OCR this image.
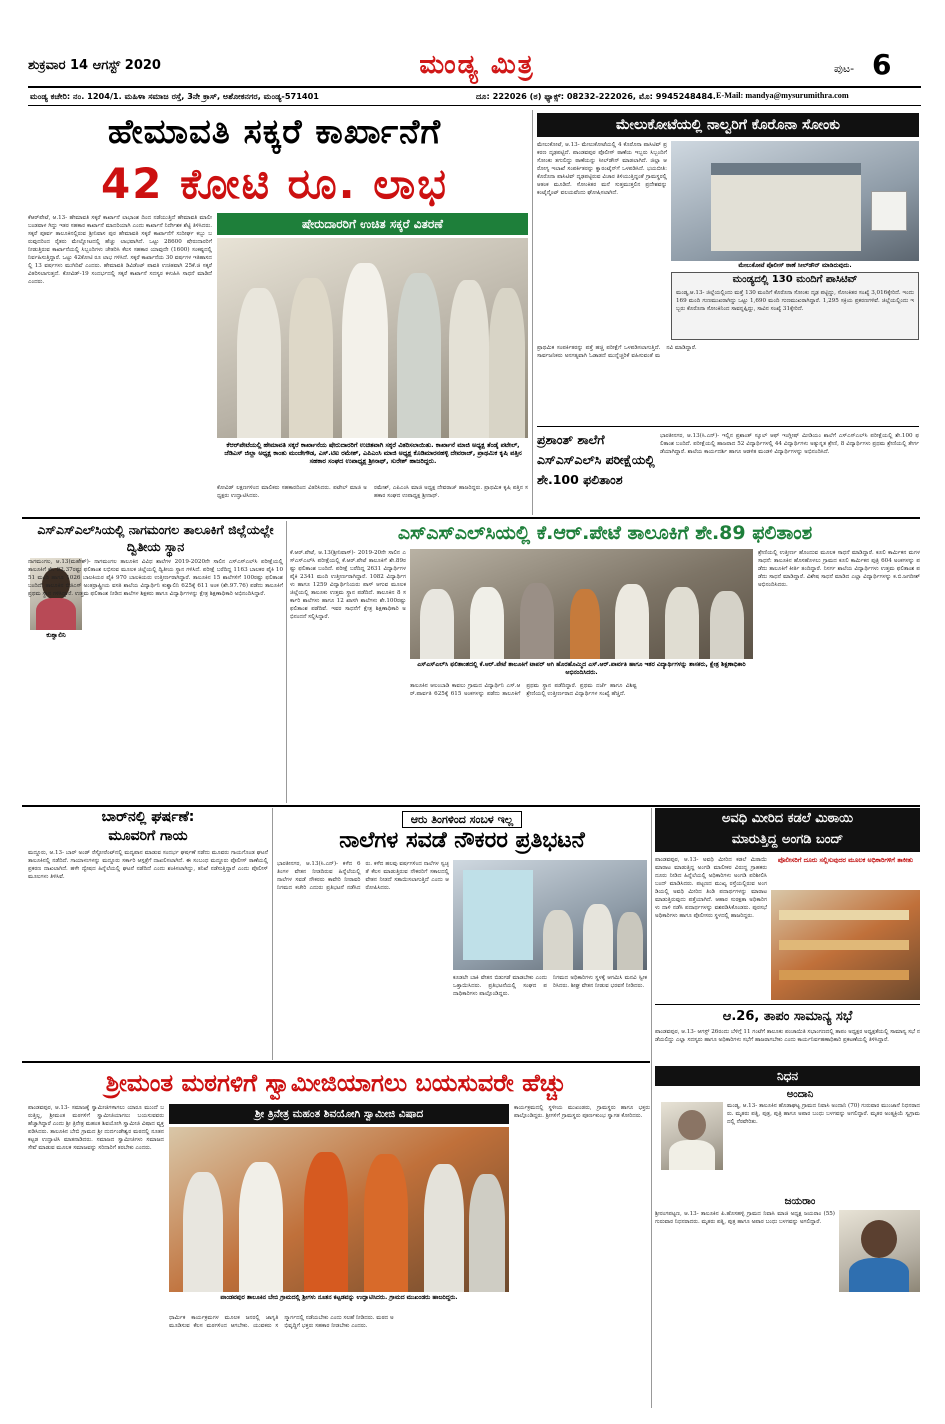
ಶುಕ್ರವಾರ 14 ಆಗಸ್ಟ್ 2020	ಮಂಡ್ಯ ಮಿತ್ರ	ಪುಟ- 6
ಮಂಡ್ಯ ಕಚೇರಿ: ನಂ. 1204/1. ಮಹಿಳಾ ಸಮಾಜ ರಸ್ತೆ, 3ನೇ ಕ್ರಾಸ್, ಅಶೋಕನಗರ, ಮಂಡ್ಯ-571401	ದೂ: 222026 (ಠ) ಫ್ಯಾಕ್ಸ್: 08232-222026, ಮೊ: 9945248484. E-Mail: mandya@mysurumithra.com
ಹೇಮಾವತಿ ಸಕ್ಕರೆ ಕಾರ್ಖಾನೆಗೆ
42 ಕೋಟಿ ರೂ. ಲಾಭ
ಕೆಆರ್‌ಪೇಟೆ, ಆ.13- ಹೇಮಾವತಿ ಸಕ್ಕರೆ ಕಾರ್ಖಾನೆ ಲಾಭಾಂಶ ದಿಂದ ನಡೆಯುತ್ತಿದೆ ಹೇಮಾವತಿ ಮಾಲೀ ಬಂಡವಾಳ ಗಿದ್ದು ಇತರ ಸಹಕಾರ ಕಾರ್ಖಾನೆ ಮಾದರಿಯಾಗಿ ಎಂದು ಕಾರ್ಖಾನೆ ನಿರ್ದೇಶಕ ಶೆಟ್ಟಿ ತಿಳಿಸಿದರು. ಸಕ್ಕರೆ ಪೂರ್ವ ತಾಲೂಕಿನಲ್ಲಿರುವ ಶ್ರೀನಿವಾಸ ಪುರ ಹೇಮಾವತಿ ಸಕ್ಕರೆ ಕಾರ್ಖಾನೆಗೆ ಸುದೀರ್ಘ ಕಬ್ಬು ಬರುವುದರಿಂದ ರೈತರು ಮೇಲ್ನೋಟದಲ್ಲಿ ಹೆಚ್ಚು ಲಾಭವಾಗಿದೆ. ಒಟ್ಟು 28600 ಷೇರುದಾರರಿಗೆ ನೀಡುತ್ತಿರುವ ಕಾರ್ಖಾನೆಯಲ್ಲಿ ಸಿಬ್ಬಂದಿಗಳು ಚೇತರಿಸಿ ಕೆಲಸ ಸಹಕಾರ ಯಾವುದೇ (1600) ಸಂಕಷ್ಟದಲ್ಲಿ ನಿರ್ವಹಿಸುತ್ತಿದ್ದಾರೆ. ಒಟ್ಟು 42ಕೋಟಿ ರೂ ಲಾಭ ಗಳಿಸಿದೆ. ಸಕ್ಕರೆ ಕಾರ್ಖಾನೆಯ 30 ವರ್ಷಗಳ ಇತಿಹಾಸದಲ್ಲಿ 13 ವರ್ಷಗಳು ಮುಗಿದಿವೆ ಎಂದರು. ಹೇಮಾವತಿ ಡಿವಿಡೆಂಟ್ ಪಾವತಿ ಉಚಿತವಾಗಿ 25ಕೆ.ಜಿ ಸಕ್ಕರೆ ವಿತರಿಸಲಾಗುತ್ತದೆ. ಕೋವಿಡ್-19 ಸಂದರ್ಭದಲ್ಲಿ ಸಕ್ಕರೆ ಕಾರ್ಖಾನೆ ಸದಸ್ಯರ ಕಳುಹಿಸಿ ಸಾಧನೆ ಮಾಡಿದೆ ಎಂದರು.
ಷೇರುದಾರರಿಗೆ ಉಚಿತ ಸಕ್ಕರೆ ವಿತರಣೆ
ಕೆಆರ್‌ಪೇಟೆಯಲ್ಲಿ ಹೇಮಾವತಿ ಸಕ್ಕರೆ ಕಾರ್ಖಾನೆಯ ಷೇರುದಾರರಿಗೆ ಉಚಿತವಾಗಿ ಸಕ್ಕರೆ ವಿತರಿಸಲಾಯಿತು. ಕಾರ್ಖಾನೆ ಮಾಜಿ ಅಧ್ಯಕ್ಷ ತೆಂಡ್ಕೆ ಪಟೇಲ್, ಜೆಡಿಎಸ್ ಜಿಲ್ಲಾ ಅಧ್ಯಕ್ಷ ಕಾಂತು ಮಂಜೇಗೌಡ, ಎಸ್.ಟಿಐ ರಮೇಶ್, ಎಪಿಎಂಸಿ ಮಾಜಿ ಅಧ್ಯಕ್ಷ ಕೊಡಿಮಾರನಹಳ್ಳಿ ದೇವರಾಜ್, ಪ್ರಾಥಮಿಕ ಕೃಷಿ ಪತ್ತಿನ ಸಹಕಾರ ಸಂಘದ ಉಪಾಧ್ಯಕ್ಷ ಶ್ರೀನಾಥ್, ಸುರೇಶ್ ಹಾಜರಿದ್ದರು.
ಕೋವಿಡ್ ಲಕ್ಷಣಗಳಿಂದ ಮಾಲಿಕರು ಸಹಕಾರದಿಂದ ವಿತರಿಸಿದರು. ಪಟೇಲ್ ಮಾಜಿ ಅಧ್ಯಕ್ಷರು ಉದ್ಘಾಟಿಸಿದರು.
ರಮೇಶ್, ಎಪಿಎಂಸಿ ಮಾಜಿ ಅಧ್ಯಕ್ಷ ದೇವರಾಜ್ ಹಾಜರಿದ್ದರು. ಪ್ರಾಥಮಿಕ ಕೃಷಿ ಪತ್ತಿನ ಸಹಕಾರ ಸಂಘದ ಉಪಾಧ್ಯಕ್ಷ ಶ್ರೀನಾಥ್.
ಮೇಲುಕೋಟೆಯಲ್ಲಿ ನಾಲ್ವರಿಗೆ ಕೊರೊನಾ ಸೋಂಕು
ಮೇಲುಕೋಟೆ, ಆ.13- ಮೇಲುಕೋಟೆಯಲ್ಲಿ 4 ಕೊರೊನಾ ಪಾಸಿಟಿವ್ ಪ್ರಕರಣ ದೃಢಪಟ್ಟಿದೆ. ಪಾಂಡವಪುರ ಪೊಲೀಸ್ ಠಾಣೆಯ ಇಬ್ಬರು ಸಿಬ್ಬಂದಿಗೆ ಸೋಂಕು ತಗುಲಿದ್ದು ಠಾಣೆಯನ್ನು ಸೀಲ್‌ಡೌನ್ ಮಾಡಲಾಗಿದೆ. ಜಿಲ್ಲಾ ಆರೋಗ್ಯ ಇಲಾಖೆ ಸಂಪರ್ಕಿತರನ್ನು ಕ್ವಾರಂಟೈನ್‌ಗೆ ಒಳಪಡಿಸಿದೆ. ಭಯಬೀತಿ: ಕೊರೊನಾ ಪಾಸಿಟಿವ್ ದೃಢಪಟ್ಟಿರುವ ವಿಚಾರ ತಿಳಿಯುತ್ತಿದ್ದಂತೆ ಗ್ರಾಮಸ್ಥರಲ್ಲಿ ಆತಂಕ ಮೂಡಿದೆ. ಸೋಂಕಿತರ ಮನೆ ಸುತ್ತಮುತ್ತಲಿನ ಪ್ರದೇಶವನ್ನು ಕಂಟೈನ್ಮೆಂಟ್ ವಲಯವೆಂದು ಘೋಷಿಸಲಾಗಿದೆ.
ಮೇಲುಕೋಟೆ ಪೊಲೀಸ್ ಠಾಣೆ ಸೀಲ್‌ಡೌನ್ ಮಾಡಿರುವುದು.
ಮಂಡ್ಯದಲ್ಲಿ 130 ಮಂದಿಗೆ ಪಾಸಿಟಿವ್
ಮಂಡ್ಯ,ಆ.13- ಜಿಲ್ಲೆಯಲ್ಲಿಂದು ಮತ್ತೆ 130 ಮಂದಿಗೆ ಕೊರೊನಾ ಸೋಂಕು ದೃಢ ಪಟ್ಟಿದ್ದು, ಸೋಂಕಿತರ ಸಂಖ್ಯೆ 3,016ಕ್ಕೇರಿದೆ. ಇಂದು 169 ಮಂದಿ ಗುಣಮುಖರಾಗಿದ್ದು ಒಟ್ಟು 1,690 ಮಂದಿ ಗುಣಮುಖರಾಗಿದ್ದಾರೆ. 1,295 ಸಕ್ರಿಯ ಪ್ರಕರಣಗಳಿವೆ. ಜಿಲ್ಲೆಯಲ್ಲಿಂದು ಇಬ್ಬರು ಕೊರೊನಾ ಸೋಂಕಿನಿಂದ ಸಾವನ್ನಪ್ಪಿದ್ದು, ಸಾವಿನ ಸಂಖ್ಯೆ 31ಕ್ಕೇರಿದೆ.
ಪ್ರಾಥಮಿಕ ಸಂಪರ್ಕಿತರನ್ನು ಪತ್ತೆ ಹಚ್ಚಿ ಪರೀಕ್ಷೆಗೆ ಒಳಪಡಿಸಲಾಗುತ್ತಿದೆ. ಸಾರ್ವಜನಿಕರು ಅನಗತ್ಯವಾಗಿ ಓಡಾಡದೆ ಮುನ್ನೆಚ್ಚರಿಕೆ ವಹಿಸುವಂತೆ ಮನವಿ ಮಾಡಿದ್ದಾರೆ.
ಪ್ರಶಾಂತ್ ಶಾಲೆಗೆ ಎಸ್‌ಎಸ್‌ಎಲ್‌ಸಿ ಪರೀಕ್ಷೆಯಲ್ಲಿ ಶೇ.100 ಫಲಿತಾಂಶ
ಭಾರತೀನಗರ, ಆ.13(ಸಿ.ಎನ್)- ಇಲ್ಲಿನ ಪ್ರಶಾಂತ್ ಸ್ಕೂಲ್ ಆಫ್ ಇಂಗ್ಲೀಷ್ ಮೀಡಿಯಂ ಶಾಲೆಗೆ ಎಸ್‌ಎಸ್‌ಎಲ್‌ಸಿ ಪರೀಕ್ಷೆಯಲ್ಲಿ ಶೇ.100 ಫಲಿತಾಂಶ ಬಂದಿದೆ. ಪರೀಕ್ಷೆಯಲ್ಲಿ ಹಾಜರಾದ 52 ವಿದ್ಯಾರ್ಥಿಗಳಲ್ಲಿ 44 ವಿದ್ಯಾರ್ಥಿಗಳು ಅತ್ಯುನ್ನತ ಶ್ರೇಣಿ, 8 ವಿದ್ಯಾರ್ಥಿಗಳು ಪ್ರಥಮ ಶ್ರೇಣಿಯಲ್ಲಿ ತೇರ್ಗಡೆಯಾಗಿದ್ದಾರೆ. ಶಾಲೆಯ ಕಾರ್ಯದರ್ಶಿ ಹಾಗೂ ಆಡಳಿತ ಮಂಡಳಿ ವಿದ್ಯಾರ್ಥಿಗಳನ್ನು ಅಭಿನಂದಿಸಿದೆ.
ಎಸ್‌ಎಸ್‌ಎಲ್‌ಸಿಯಲ್ಲಿ ನಾಗಮಂಗಲ ತಾಲೂಕಿಗೆ ಜಿಲ್ಲೆಯಲ್ಲೇ ದ್ವಿತೀಯ ಸ್ಥಾನ
ಕುಶ್ವಾಲಿನಿ
ನಾಗಮಂಗಲ, ಆ.13(ಮಹೇಶ್)- ನಾಗಮಂಗಲ ತಾಲೂಕಿನ ವಿವಿಧ ಶಾಲೆಗಳ 2019-2020ನೇ ಸಾಲಿನ ಎಸ್‌ಎಸ್‌ಎಲ್‌ಸಿ ಪರೀಕ್ಷೆಯಲ್ಲಿ ತಾಲೂಕಿಗೆ ಶೇ. 92.37ರಷ್ಟು ಫಲಿತಾಂಶ ಲಭಿಸುವ ಮೂಲಕ ಜಿಲ್ಲೆಯಲ್ಲಿ ದ್ವಿತೀಯ ಸ್ಥಾನ ಗಳಿಸಿದೆ. ಪರೀಕ್ಷೆ ಬರೆದಿದ್ದ 1163 ಬಾಲಕರ ಪೈಕಿ 1051 ಮಂದಿ ಹಾಗೂ 1026 ಬಾಲಕಿಯರ ಪೈಕಿ 970 ಬಾಲಕಿಯರು ಉತ್ತೀರ್ಣರಾಗಿದ್ದಾರೆ. ತಾಲೂಕಿನ 15 ಶಾಲೆಗಳಿಗೆ 100ರಷ್ಟು ಫಲಿತಾಂಶ ಬಂದಿದೆ. ತಾಲೂಕಿನ ಬಿಜಿಎಸ್ ಅಂತರ್ರಾಷ್ಟ್ರೀಯ ವಸತಿ ಶಾಲೆಯ ವಿದ್ಯಾರ್ಥಿನಿ ಕುಶ್ವಾಲಿನಿ 625ಕ್ಕೆ 611 ಅಂಕ (ಶೇ.97.76) ಪಡೆದು ತಾಲೂಕಿಗೆ ಪ್ರಥಮ ಸ್ಥಾನ ಗಳಿಸಿದ್ದಾರೆ. ಉತ್ತಮ ಫಲಿತಾಂಶ ನೀಡಿದ ಶಾಲೆಗಳ ಶಿಕ್ಷಕರು ಹಾಗೂ ವಿದ್ಯಾರ್ಥಿಗಳನ್ನು ಕ್ಷೇತ್ರ ಶಿಕ್ಷಣಾಧಿಕಾರಿ ಅಭಿನಂದಿಸಿದ್ದಾರೆ.
ಎಸ್‌ಎಸ್‌ಎಲ್‌ಸಿಯಲ್ಲಿ ಕೆ.ಆರ್.ಪೇಟೆ ತಾಲೂಕಿಗೆ ಶೇ.89 ಫಲಿತಾಂಶ
ಕೆ.ಆರ್.ಪೇಟೆ, ಆ.13(ಶ್ರೀನಿವಾಸ್)- 2019-20ನೇ ಸಾಲಿನ ಎಸ್‌ಎಸ್‌ಎಲ್‌ಸಿ ಪರೀಕ್ಷೆಯಲ್ಲಿ ಕೆ.ಆರ್.ಪೇಟೆ ತಾಲೂಕಿಗೆ ಶೇ.89ರಷ್ಟು ಫಲಿತಾಂಶ ಬಂದಿದೆ. ಪರೀಕ್ಷೆ ಬರೆದಿದ್ದ 2631 ವಿದ್ಯಾರ್ಥಿಗಳ ಪೈಕಿ 2341 ಮಂದಿ ಉತ್ತೀರ್ಣರಾಗಿದ್ದಾರೆ. 1082 ವಿದ್ಯಾರ್ಥಿಗಳು ಹಾಗೂ 1259 ವಿದ್ಯಾರ್ಥಿನಿಯರು ಪಾಸ್ ಆಗುವ ಮೂಲಕ ಜಿಲ್ಲೆಯಲ್ಲಿ ತಾಲೂಕು ಉತ್ತಮ ಸ್ಥಾನ ಪಡೆದಿದೆ. ತಾಲೂಕಿನ 8 ಸರ್ಕಾರಿ ಶಾಲೆಗಳು ಹಾಗೂ 12 ಖಾಸಗಿ ಶಾಲೆಗಳು ಶೇ.100ರಷ್ಟು ಫಲಿತಾಂಶ ಪಡೆದಿವೆ. ಇವರ ಸಾಧನೆಗೆ ಕ್ಷೇತ್ರ ಶಿಕ್ಷಣಾಧಿಕಾರಿ ಅಭಿನಂದನೆ ಸಲ್ಲಿಸಿದ್ದಾರೆ.
ಎಸ್‌ಎಸ್‌ಎಲ್‌ಸಿ ಫಲಿತಾಂಶದಲ್ಲಿ ಕೆ.ಆರ್.ಪೇಟೆ ತಾಲೂಕಿಗೆ ಟಾಪರ್ ಆಗಿ ಹೊರಹೊಮ್ಮಿದ ಎಸ್.ಆರ್.ಪಾರ್ವತಿ ಹಾಗೂ ಇತರ ವಿದ್ಯಾರ್ಥಿಗಳನ್ನು ಶಾಸಕರು, ಕ್ಷೇತ್ರ ಶಿಕ್ಷಣಾಧಿಕಾರಿ ಅಭಿನಂದಿಸಿದರು.
ತಾಲೂಕಿನ ಆಲಂಬಾಡಿ ಕಾವಲು ಗ್ರಾಮದ ವಿದ್ಯಾರ್ಥಿನಿ ಎಸ್.ಆರ್.ಪಾರ್ವತಿ 625ಕ್ಕೆ 615 ಅಂಕಗಳನ್ನು ಪಡೆದು ತಾಲೂಕಿಗೆ ಪ್ರಥಮ ಸ್ಥಾನ ಪಡೆದಿದ್ದಾರೆ. ಪ್ರಥಮ ದರ್ಜೆ ಹಾಗೂ ವಿಶಿಷ್ಟ ಶ್ರೇಣಿಯಲ್ಲಿ ಉತ್ತೀರ್ಣರಾದ ವಿದ್ಯಾರ್ಥಿಗಳ ಸಂಖ್ಯೆ ಹೆಚ್ಚಿದೆ.
ಶ್ರೇಣಿಯಲ್ಲಿ ಉತ್ತೀರ್ಣ ಹೊಂದುವ ಮೂಲಕ ಸಾಧನೆ ಮಾಡಿದ್ದಾರೆ. ಕೂಲಿ ಕಾರ್ಮಿಕನ ಮಗಳ ಸಾಧನೆ: ತಾಲೂಕಿನ ಹೊಸಹೊಳಲು ಗ್ರಾಮದ ಕೂಲಿ ಕಾರ್ಮಿಕನ ಪುತ್ರಿ 604 ಅಂಕಗಳನ್ನು ಪಡೆದು ತಾಲೂಕಿಗೆ ಕೀರ್ತಿ ತಂದಿದ್ದಾರೆ. ನಿಸರ್ಗ ಶಾಲೆಯ ವಿದ್ಯಾರ್ಥಿಗಳು ಉತ್ತಮ ಫಲಿತಾಂಶ ಪಡೆದು ಸಾಧನೆ ಮಾಡಿದ್ದಾರೆ. ವಿಶೇಷ ಸಾಧನೆ ಮಾಡಿದ ಎಲ್ಲಾ ವಿದ್ಯಾರ್ಥಿಗಳನ್ನು ಕ.ಬಿ.ಜಗದೀಶ್ ಅಭಿನಂದಿಸಿದರು.
ಬಾರ್‌ನಲ್ಲಿ ಘರ್ಷಣೆ:
ಮೂವರಿಗೆ ಗಾಯ
ಮದ್ದೂರು, ಆ.13- ಬಾರ್ ಅಂಡ್ ರೆಸ್ಟೋರೆಂಟ್‌ನಲ್ಲಿ ಮದ್ಯಪಾನ ಮಾಡುವ ಸಂದರ್ಭ ಘರ್ಷಣೆ ನಡೆದು ಮೂವರು ಗಾಯಗೊಂಡ ಘಟನೆ ತಾಲೂಕಿನಲ್ಲಿ ನಡೆದಿದೆ. ಗಾಯಾಳುಗಳನ್ನು ಮದ್ದೂರು ಸರ್ಕಾರಿ ಆಸ್ಪತ್ರೆಗೆ ದಾಖಲಿಸಲಾಗಿದೆ. ಈ ಸಂಬಂಧ ಮದ್ದೂರು ಪೊಲೀಸ್ ಠಾಣೆಯಲ್ಲಿ ಪ್ರಕರಣ ದಾಖಲಾಗಿದೆ. ಹಳೇ ದ್ವೇಷದ ಹಿನ್ನೆಲೆಯಲ್ಲಿ ಘಟನೆ ನಡೆದಿದೆ ಎಂದು ಶಂಕಿಸಲಾಗಿದ್ದು, ತನಿಖೆ ನಡೆಸುತ್ತಿದ್ದಾರೆ ಎಂದು ಪೊಲೀಸ್ ಮೂಲಗಳು ತಿಳಿಸಿವೆ.
ಆರು ತಿಂಗಳಿಂದ ಸಂಬಳ ಇಲ್ಲ
ನಾಲೆಗಳ ಸವಡೆ ನೌಕರರ ಪ್ರತಿಭಟನೆ
ಭಾರತೀನಗರ, ಆ.13(ಸಿ.ಎನ್)- ಕಳೆದ 6 ತಿಂಗಳ ವೇತನ ನೀಡದಿರುವ ಹಿನ್ನೆಲೆಯಲ್ಲಿ ನಾಲೆಗಳ ಸವಡೆ ನೌಕರರು ಕಾವೇರಿ ನೀರಾವರಿ ನಿಗಮದ ಕಚೇರಿ ಎದುರು ಪ್ರತಿಭಟನೆ ನಡೆಸಿದರು. ಕಳೆದ ಹಲವು ವರ್ಷಗಳಿಂದ ನಾಲೆಗಳ ಸ್ವಚ್ಛತೆ ಕೆಲಸ ಮಾಡುತ್ತಿರುವ ನೌಕರರಿಗೆ ಸಕಾಲದಲ್ಲಿ ವೇತನ ನೀಡದೆ ಸತಾಯಿಸಲಾಗುತ್ತಿದೆ ಎಂದು ಆರೋಪಿಸಿದರು.
ಕೂಡಲೇ ಬಾಕಿ ವೇತನ ಬಿಡುಗಡೆ ಮಾಡಬೇಕು ಎಂದು ಒತ್ತಾಯಿಸಿದರು. ಪ್ರತಿಭಟನೆಯಲ್ಲಿ ಸಂಘದ ಪದಾಧಿಕಾರಿಗಳು ಪಾಲ್ಗೊಂಡಿದ್ದರು.
ನಿಗಮದ ಅಧಿಕಾರಿಗಳು ಸ್ಥಳಕ್ಕೆ ಆಗಮಿಸಿ ಮನವಿ ಸ್ವೀಕರಿಸಿದರು. ಶೀಘ್ರ ವೇತನ ನೀಡುವ ಭರವಸೆ ನೀಡಿದರು.
ಅವಧಿ ಮೀರಿದ ಕಡಲೆ ಮಿಠಾಯಿ
ಮಾರುತ್ತಿದ್ದ ಅಂಗಡಿ ಬಂದ್
ಪಾಂಡವಪುರ, ಆ.13- ಅವಧಿ ಮೀರಿದ ಕಡಲೆ ಮಿಠಾಯಿ ಮಾರಾಟ ಮಾಡುತ್ತಿದ್ದ ಅಂಗಡಿ ಮಾಲೀಕರ ವಿರುದ್ಧ ಗ್ರಾಹಕರು ದೂರು ನೀಡಿದ ಹಿನ್ನೆಲೆಯಲ್ಲಿ ಅಧಿಕಾರಿಗಳು ಅಂಗಡಿ ಪರಿಶೀಲಿಸಿ ಬಂದ್ ಮಾಡಿಸಿದರು. ಪಟ್ಟಣದ ಮುಖ್ಯ ರಸ್ತೆಯಲ್ಲಿರುವ ಅಂಗಡಿಯಲ್ಲಿ ಅವಧಿ ಮೀರಿದ ತಿಂಡಿ ಪದಾರ್ಥಗಳನ್ನು ಮಾರಾಟ ಮಾಡುತ್ತಿರುವುದು ಪತ್ತೆಯಾಗಿದೆ. ಆಹಾರ ಸುರಕ್ಷತಾ ಅಧಿಕಾರಿಗಳು ದಾಳಿ ನಡೆಸಿ ಪದಾರ್ಥಗಳನ್ನು ವಶಪಡಿಸಿಕೊಂಡರು. ಪುರಸಭೆ ಅಧಿಕಾರಿಗಳು ಹಾಗೂ ಪೊಲೀಸರು ಸ್ಥಳದಲ್ಲಿ ಹಾಜರಿದ್ದರು.
ಪೊಲೀಸರಿಗೆ ದೂರು ಸಲ್ಲಿಸುವುದರ ಮೂಲಕ ಅಧಿಕಾರಿಗಳಿಗೆ ತಾಕೀತು
ಆ.26, ತಾಪಂ ಸಾಮಾನ್ಯ ಸಭೆ
ಪಾಂಡವಪುರ, ಆ.13- ಆಗಸ್ಟ್ 26ರಂದು ಬೆಳಿಗ್ಗೆ 11 ಗಂಟೆಗೆ ತಾಲೂಕು ಪಂಚಾಯಿತಿ ಸಭಾಂಗಣದಲ್ಲಿ ತಾಪಂ ಅಧ್ಯಕ್ಷರ ಅಧ್ಯಕ್ಷತೆಯಲ್ಲಿ ಸಾಮಾನ್ಯ ಸಭೆ ನಡೆಯಲಿದ್ದು ಎಲ್ಲಾ ಸದಸ್ಯರು ಹಾಗೂ ಅಧಿಕಾರಿಗಳು ಸಭೆಗೆ ಹಾಜರಾಗಬೇಕು ಎಂದು ಕಾರ್ಯನಿರ್ವಹಣಾಧಿಕಾರಿ ಪ್ರಕಟಣೆಯಲ್ಲಿ ತಿಳಿಸಿದ್ದಾರೆ.
ನಿಧನ
ಅಂದಾನಿ
ಮಂಡ್ಯ, ಆ.13- ತಾಲೂಕಿನ ಹೊಡಾಘಟ್ಟ ಗ್ರಾಮದ ನಿವಾಸಿ ಅಂದಾನಿ (70) ಗುರುವಾರ ಮುಂಜಾನೆ ನಿಧನರಾದರು. ಮೃತರು ಪತ್ನಿ, ಪುತ್ರ, ಪುತ್ರಿ ಹಾಗೂ ಅಪಾರ ಬಂಧು ಬಳಗವನ್ನು ಅಗಲಿದ್ದಾರೆ. ಮೃತರ ಅಂತ್ಯಕ್ರಿಯೆ ಸ್ವಗ್ರಾಮದಲ್ಲಿ ನೆರವೇರಿತು.
ಜಯರಾಂ
ಶ್ರೀರಂಗಪಟ್ಟಣ, ಆ.13- ತಾಲೂಕಿನ ಪಿ.ಹೊಸಹಳ್ಳಿ ಗ್ರಾಮದ ನಿವಾಸಿ ಮಾಜಿ ಅಧ್ಯಕ್ಷ ಜಯರಾಂ (55) ಗುರುವಾರ ನಿಧನರಾದರು. ಮೃತರು ಪತ್ನಿ, ಪುತ್ರ ಹಾಗೂ ಅಪಾರ ಬಂಧು ಬಳಗವನ್ನು ಅಗಲಿದ್ದಾರೆ.
ಶ್ರೀಮಂತ ಮಠಗಳಿಗೆ ಸ್ವಾಮೀಜಿಯಾಗಲು ಬಯಸುವರೇ ಹೆಚ್ಚು
ಪಾಂಡವಪುರ, ಆ.13- ಸಮಾಜಕ್ಕೆ ಸ್ವಾಮೀಜಿಗಳಾಗಲು ಯಾರೂ ಮುಂದೆ ಬರುತ್ತಿಲ್ಲ, ಶ್ರೀಮಂತ ಮಠಗಳಿಗೆ ಸ್ವಾಮೀಜಿಯಾಗಲು ಬಯಸುವವರು ಹೆಚ್ಚಾಗಿದ್ದಾರೆ ಎಂದು ಶ್ರೀ ತ್ರಿನೇತ್ರ ಮಹಂತ ಶಿವಯೋಗಿ ಸ್ವಾಮೀಜಿ ವಿಷಾದ ವ್ಯಕ್ತಪಡಿಸಿದರು. ತಾಲೂಕಿನ ಬೇಬಿ ಗ್ರಾಮದ ಶ್ರೀ ದುರ್ದಂಡೇಶ್ವರ ಮಠದಲ್ಲಿ ನೂತನ ಕಟ್ಟಡ ಉದ್ಘಾಟಿಸಿ ಮಾತನಾಡಿದರು. ಸಮಾಜದ ಸ್ವಾಮೀಜಿಗಳು ಸಮಾಜದ ಸೇವೆ ಮಾಡುವ ಮೂಲಕ ಸಮಾಜವನ್ನು ಸರಿದಾರಿಗೆ ತರಬೇಕು ಎಂದರು.
ಶ್ರೀ ತ್ರಿನೇತ್ರ ಮಹಂತ ಶಿವಯೋಗಿ ಸ್ವಾಮೀಜಿ ವಿಷಾದ
ಪಾಂಡವಪುರ ತಾಲೂಕಿನ ಬೇಬಿ ಗ್ರಾಮದಲ್ಲಿ ಶ್ರೀಗಳು ನೂತನ ಕಟ್ಟಡವನ್ನು ಉದ್ಘಾಟಿಸಿದರು. ಗ್ರಾಮದ ಮುಖಂಡರು ಹಾಜರಿದ್ದರು.
ಧಾರ್ಮಿಕ ಕಾರ್ಯಕ್ರಮಗಳ ಮೂಲಕ ಜನರಲ್ಲಿ ಜಾಗೃತಿ ಮೂಡಿಸುವ ಕೆಲಸ ಮಠಗಳಿಂದ ಆಗಬೇಕು. ಯುವಕರು ಸನ್ಮಾರ್ಗದಲ್ಲಿ ನಡೆಯಬೇಕು ಎಂದು ಸಲಹೆ ನೀಡಿದರು. ಮಠದ ಅಭಿವೃದ್ಧಿಗೆ ಭಕ್ತರು ಸಹಕಾರ ನೀಡಬೇಕು ಎಂದರು.
ಕಾರ್ಯಕ್ರಮದಲ್ಲಿ ಸ್ಥಳೀಯ ಮುಖಂಡರು, ಗ್ರಾಮಸ್ಥರು ಹಾಗೂ ಭಕ್ತರು ಪಾಲ್ಗೊಂಡಿದ್ದರು. ಶ್ರೀಗಳಿಗೆ ಗ್ರಾಮಸ್ಥರು ಪೂರ್ಣಕುಂಭ ಸ್ವಾಗತ ಕೋರಿದರು.
